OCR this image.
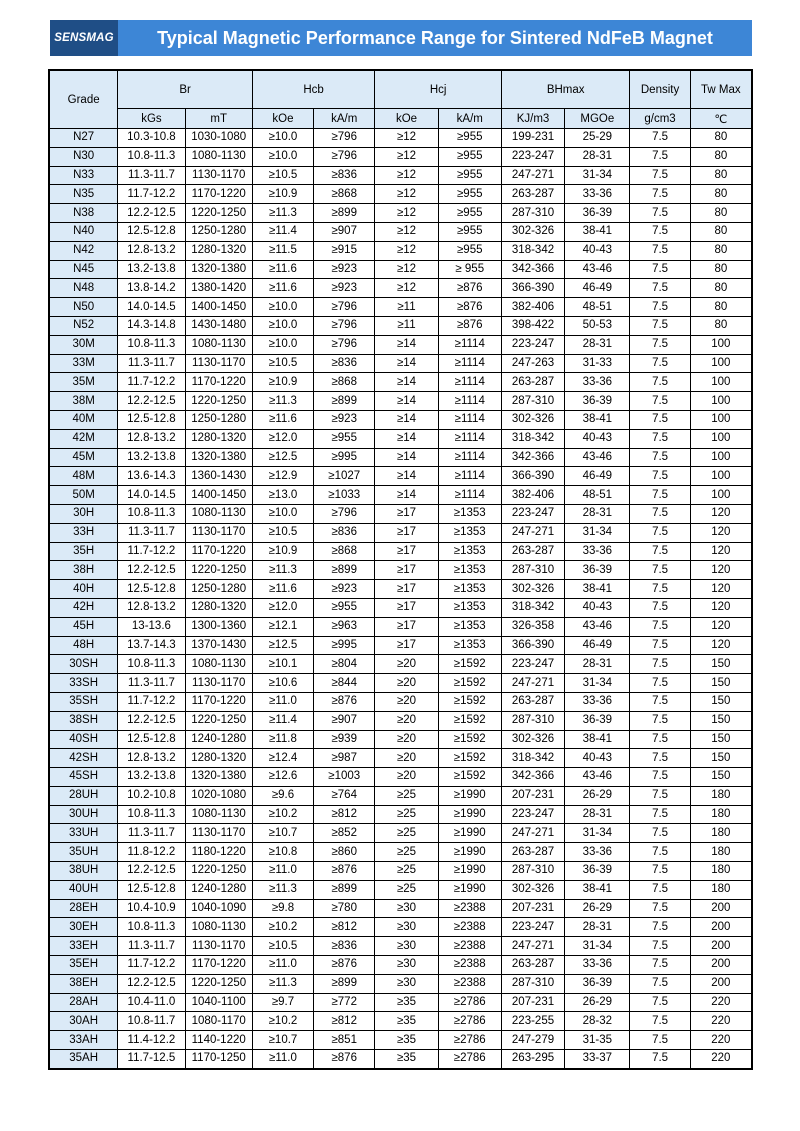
SENSMAG	Typical Magnetic Performance Range for Sintered NdFeB Magnet
Grade	Br		Hcb		Hcj		BHmax		Density	Tw Max
	kGs	mT	kOe	kA/m	kOe	kA/m	KJ/m3	MGOe	g/cm3	℃
N27	10.3-10.8	1030-1080	≥10.0	≥796	≥12	≥955	199-231	25-29	7.5	80
N30	10.8-11.3	1080-1130	≥10.0	≥796	≥12	≥955	223-247	28-31	7.5	80
N33	11.3-11.7	1130-1170	≥10.5	≥836	≥12	≥955	247-271	31-34	7.5	80
N35	11.7-12.2	1170-1220	≥10.9	≥868	≥12	≥955	263-287	33-36	7.5	80
N38	12.2-12.5	1220-1250	≥11.3	≥899	≥12	≥955	287-310	36-39	7.5	80
N40	12.5-12.8	1250-1280	≥11.4	≥907	≥12	≥955	302-326	38-41	7.5	80
N42	12.8-13.2	1280-1320	≥11.5	≥915	≥12	≥955	318-342	40-43	7.5	80
N45	13.2-13.8	1320-1380	≥11.6	≥923	≥12	≥ 955	342-366	43-46	7.5	80
N48	13.8-14.2	1380-1420	≥11.6	≥923	≥12	≥876	366-390	46-49	7.5	80
N50	14.0-14.5	1400-1450	≥10.0	≥796	≥11	≥876	382-406	48-51	7.5	80
N52	14.3-14.8	1430-1480	≥10.0	≥796	≥11	≥876	398-422	50-53	7.5	80
30M	10.8-11.3	1080-1130	≥10.0	≥796	≥14	≥1114	223-247	28-31	7.5	100
33M	11.3-11.7	1130-1170	≥10.5	≥836	≥14	≥1114	247-263	31-33	7.5	100
35M	11.7-12.2	1170-1220	≥10.9	≥868	≥14	≥1114	263-287	33-36	7.5	100
38M	12.2-12.5	1220-1250	≥11.3	≥899	≥14	≥1114	287-310	36-39	7.5	100
40M	12.5-12.8	1250-1280	≥11.6	≥923	≥14	≥1114	302-326	38-41	7.5	100
42M	12.8-13.2	1280-1320	≥12.0	≥955	≥14	≥1114	318-342	40-43	7.5	100
45M	13.2-13.8	1320-1380	≥12.5	≥995	≥14	≥1114	342-366	43-46	7.5	100
48M	13.6-14.3	1360-1430	≥12.9	≥1027	≥14	≥1114	366-390	46-49	7.5	100
50M	14.0-14.5	1400-1450	≥13.0	≥1033	≥14	≥1114	382-406	48-51	7.5	100
30H	10.8-11.3	1080-1130	≥10.0	≥796	≥17	≥1353	223-247	28-31	7.5	120
33H	11.3-11.7	1130-1170	≥10.5	≥836	≥17	≥1353	247-271	31-34	7.5	120
35H	11.7-12.2	1170-1220	≥10.9	≥868	≥17	≥1353	263-287	33-36	7.5	120
38H	12.2-12.5	1220-1250	≥11.3	≥899	≥17	≥1353	287-310	36-39	7.5	120
40H	12.5-12.8	1250-1280	≥11.6	≥923	≥17	≥1353	302-326	38-41	7.5	120
42H	12.8-13.2	1280-1320	≥12.0	≥955	≥17	≥1353	318-342	40-43	7.5	120
45H	13-13.6	1300-1360	≥12.1	≥963	≥17	≥1353	326-358	43-46	7.5	120
48H	13.7-14.3	1370-1430	≥12.5	≥995	≥17	≥1353	366-390	46-49	7.5	120
30SH	10.8-11.3	1080-1130	≥10.1	≥804	≥20	≥1592	223-247	28-31	7.5	150
33SH	11.3-11.7	1130-1170	≥10.6	≥844	≥20	≥1592	247-271	31-34	7.5	150
35SH	11.7-12.2	1170-1220	≥11.0	≥876	≥20	≥1592	263-287	33-36	7.5	150
38SH	12.2-12.5	1220-1250	≥11.4	≥907	≥20	≥1592	287-310	36-39	7.5	150
40SH	12.5-12.8	1240-1280	≥11.8	≥939	≥20	≥1592	302-326	38-41	7.5	150
42SH	12.8-13.2	1280-1320	≥12.4	≥987	≥20	≥1592	318-342	40-43	7.5	150
45SH	13.2-13.8	1320-1380	≥12.6	≥1003	≥20	≥1592	342-366	43-46	7.5	150
28UH	10.2-10.8	1020-1080	≥9.6	≥764	≥25	≥1990	207-231	26-29	7.5	180
30UH	10.8-11.3	1080-1130	≥10.2	≥812	≥25	≥1990	223-247	28-31	7.5	180
33UH	11.3-11.7	1130-1170	≥10.7	≥852	≥25	≥1990	247-271	31-34	7.5	180
35UH	11.8-12.2	1180-1220	≥10.8	≥860	≥25	≥1990	263-287	33-36	7.5	180
38UH	12.2-12.5	1220-1250	≥11.0	≥876	≥25	≥1990	287-310	36-39	7.5	180
40UH	12.5-12.8	1240-1280	≥11.3	≥899	≥25	≥1990	302-326	38-41	7.5	180
28EH	10.4-10.9	1040-1090	≥9.8	≥780	≥30	≥2388	207-231	26-29	7.5	200
30EH	10.8-11.3	1080-1130	≥10.2	≥812	≥30	≥2388	223-247	28-31	7.5	200
33EH	11.3-11.7	1130-1170	≥10.5	≥836	≥30	≥2388	247-271	31-34	7.5	200
35EH	11.7-12.2	1170-1220	≥11.0	≥876	≥30	≥2388	263-287	33-36	7.5	200
38EH	12.2-12.5	1220-1250	≥11.3	≥899	≥30	≥2388	287-310	36-39	7.5	200
28AH	10.4-11.0	1040-1100	≥9.7	≥772	≥35	≥2786	207-231	26-29	7.5	220
30AH	10.8-11.7	1080-1170	≥10.2	≥812	≥35	≥2786	223-255	28-32	7.5	220
33AH	11.4-12.2	1140-1220	≥10.7	≥851	≥35	≥2786	247-279	31-35	7.5	220
35AH	11.7-12.5	1170-1250	≥11.0	≥876	≥35	≥2786	263-295	33-37	7.5	220
